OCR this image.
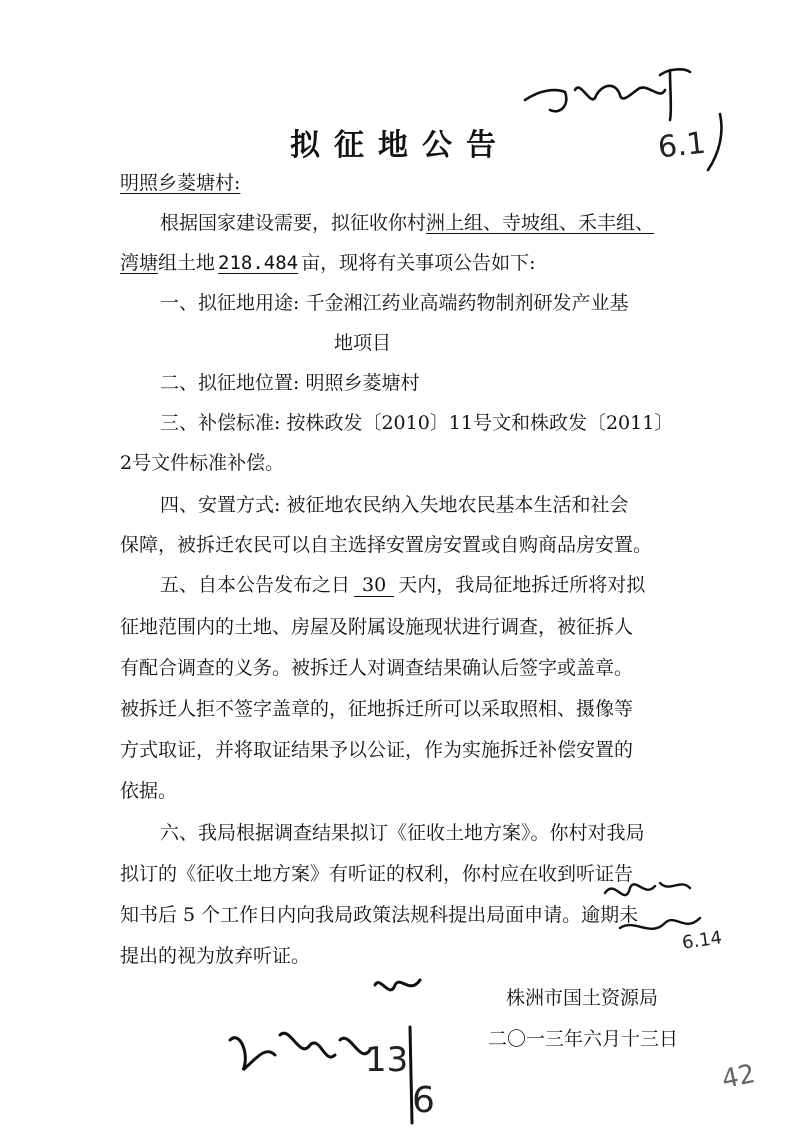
6.1
拟征地公告
明照乡菱塘村:
根据国家建设需要，拟征收你村洲上组、寺坡组、禾丰组、
湾塘组土地 218.484 亩，现将有关事项公告如下:
一、拟征地用途: 千金湘江药业高端药物制剂研发产业基
地项目
二、拟征地位置: 明照乡菱塘村
三、补偿标准: 按株政发〔2010〕11号文和株政发〔2011〕
2号文件标准补偿。
四、安置方式: 被征地农民纳入失地农民基本生活和社会
保障，被拆迁农民可以自主选择安置房安置或自购商品房安置。
五、自本公告发布之日 30 天内，我局征地拆迁所将对拟
征地范围内的土地、房屋及附属设施现状进行调查，被征拆人
有配合调查的义务。被拆迁人对调查结果确认后签字或盖章。
被拆迁人拒不签字盖章的，征地拆迁所可以采取照相、摄像等
方式取证，并将取证结果予以公证，作为实施拆迁补偿安置的
依据。
六、我局根据调查结果拟订《征收土地方案》。你村对我局
拟订的《征收土地方案》有听证的权利，你村应在收到听证告
知书后 5 个工作日内向我局政策法规科提出局面申请。逾期未
提出的视为放弃听证。
株洲市国土资源局
二〇一三年六月十三日
6.14
13
6
42
